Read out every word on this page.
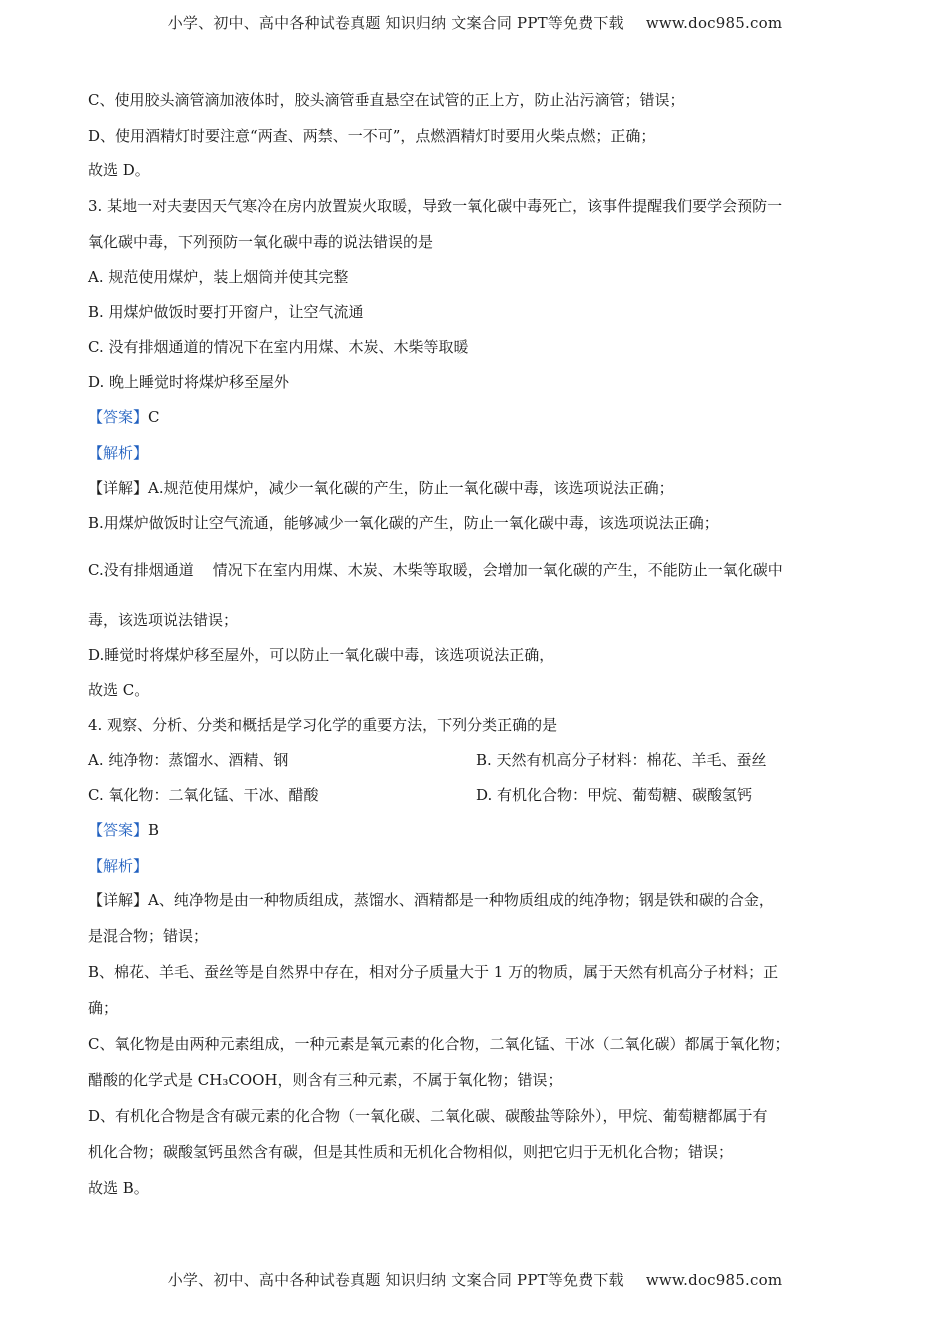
小学、初中、高中各种试卷真题 知识归纳 文案合同 PPT等免费下载 www.doc985.com
C、使用胶头滴管滴加液体时，胶头滴管垂直悬空在试管的正上方，防止沾污滴管；错误；
D、使用酒精灯时要注意“两查、两禁、一不可”，点燃酒精灯时要用火柴点燃；正确；
故选 D。
3. 某地一对夫妻因天气寒冷在房内放置炭火取暖，导致一氧化碳中毒死亡，该事件提醒我们要学会预防一
氧化碳中毒，下列预防一氧化碳中毒的说法错误的是
A. 规范使用煤炉，装上烟筒并使其完整
B. 用煤炉做饭时要打开窗户，让空气流通
C. 没有排烟通道的情况下在室内用煤、木炭、木柴等取暖
D. 晚上睡觉时将煤炉移至屋外
【答案】C
【解析】
【详解】A.规范使用煤炉，减少一氧化碳的产生，防止一氧化碳中毒，该选项说法正确；
B.用煤炉做饭时让空气流通，能够减少一氧化碳的产生，防止一氧化碳中毒，该选项说法正确；
C.没有排烟通道    情况下在室内用煤、木炭、木柴等取暖，会增加一氧化碳的产生，不能防止一氧化碳中
毒，该选项说法错误；
D.睡觉时将煤炉移至屋外，可以防止一氧化碳中毒，该选项说法正确，
故选 C。
4. 观察、分析、分类和概括是学习化学的重要方法，下列分类正确的是
A. 纯净物：蒸馏水、酒精、钢	B. 天然有机高分子材料：棉花、羊毛、蚕丝
C. 氧化物：二氧化锰、干冰、醋酸	D. 有机化合物：甲烷、葡萄糖、碳酸氢钙
【答案】B
【解析】
【详解】A、纯净物是由一种物质组成，蒸馏水、酒精都是一种物质组成的纯净物；钢是铁和碳的合金，
是混合物；错误；
B、棉花、羊毛、蚕丝等是自然界中存在，相对分子质量大于 1 万的物质，属于天然有机高分子材料；正
确；
C、氧化物是由两种元素组成，一种元素是氧元素的化合物，二氧化锰、干冰（二氧化碳）都属于氧化物；
醋酸的化学式是 CH₃COOH，则含有三种元素，不属于氧化物；错误；
D、有机化合物是含有碳元素的化合物（一氧化碳、二氧化碳、碳酸盐等除外），甲烷、葡萄糖都属于有
机化合物；碳酸氢钙虽然含有碳，但是其性质和无机化合物相似，则把它归于无机化合物；错误；
故选 B。
小学、初中、高中各种试卷真题 知识归纳 文案合同 PPT等免费下载 www.doc985.com
